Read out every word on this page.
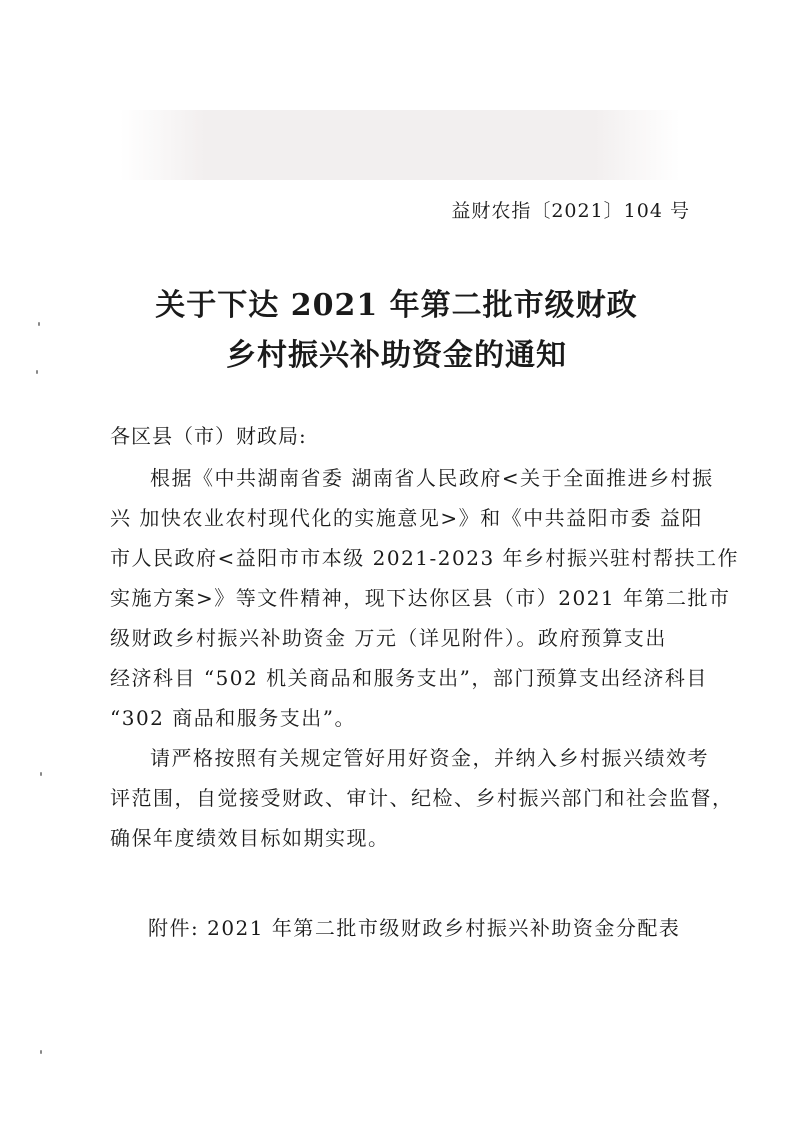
益财农指〔2021〕104 号
关于下达 2021 年第二批市级财政
乡村振兴补助资金的通知
各区县（市）财政局:
根据《中共湖南省委 湖南省人民政府<关于全面推进乡村振
兴 加快农业农村现代化的实施意见>》和《中共益阳市委 益阳
市人民政府<益阳市市本级 2021-2023 年乡村振兴驻村帮扶工作
实施方案>》等文件精神，现下达你区县（市）2021 年第二批市
级财政乡村振兴补助资金 万元（详见附件）。政府预算支出
经济科目 “502 机关商品和服务支出”，部门预算支出经济科目
“302 商品和服务支出”。
请严格按照有关规定管好用好资金，并纳入乡村振兴绩效考
评范围，自觉接受财政、审计、纪检、乡村振兴部门和社会监督，
确保年度绩效目标如期实现。
附件: 2021 年第二批市级财政乡村振兴补助资金分配表
